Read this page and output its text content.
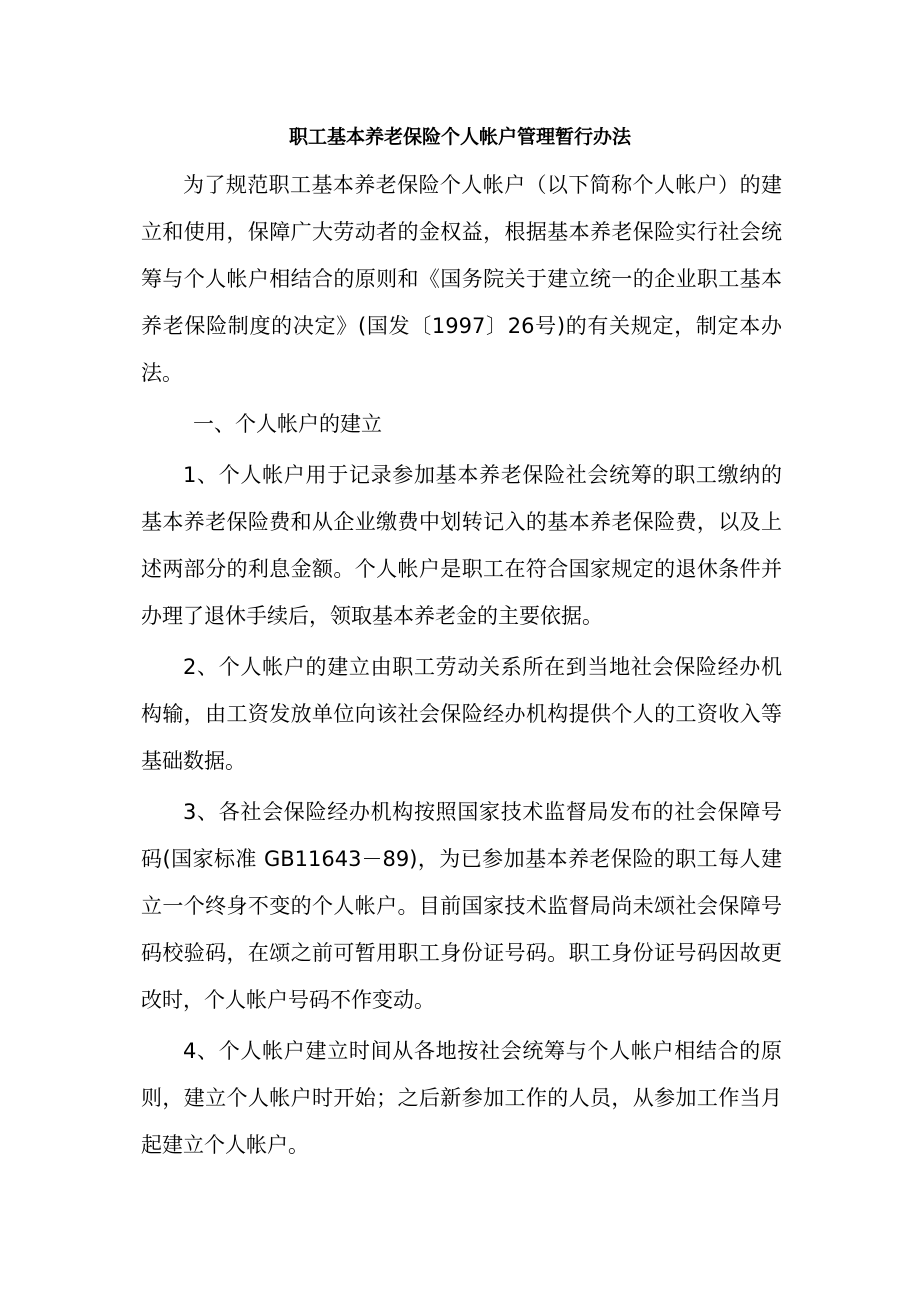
职工基本养老保险个人帐户管理暂行办法
为了规范职工基本养老保险个人帐户（以下简称个人帐户）的建
立和使用，保障广大劳动者的金权益，根据基本养老保险实行社会统
筹与个人帐户相结合的原则和《国务院关于建立统一的企业职工基本
养老保险制度的决定》(国发〔1997〕26号)的有关规定，制定本办
法。
一、个人帐户的建立
1、个人帐户用于记录参加基本养老保险社会统筹的职工缴纳的
基本养老保险费和从企业缴费中划转记入的基本养老保险费，以及上
述两部分的利息金额。个人帐户是职工在符合国家规定的退休条件并
办理了退休手续后，领取基本养老金的主要依据。
2、个人帐户的建立由职工劳动关系所在到当地社会保险经办机
构输，由工资发放单位向该社会保险经办机构提供个人的工资收入等
基础数据。
3、各社会保险经办机构按照国家技术监督局发布的社会保障号
码(国家标准 GB11643－89)，为已参加基本养老保险的职工每人建
立一个终身不变的个人帐户。目前国家技术监督局尚未颂社会保障号
码校验码，在颂之前可暂用职工身份证号码。职工身份证号码因故更
改时，个人帐户号码不作变动。
4、个人帐户建立时间从各地按社会统筹与个人帐户相结合的原
则，建立个人帐户时开始；之后新参加工作的人员，从参加工作当月
起建立个人帐户。
